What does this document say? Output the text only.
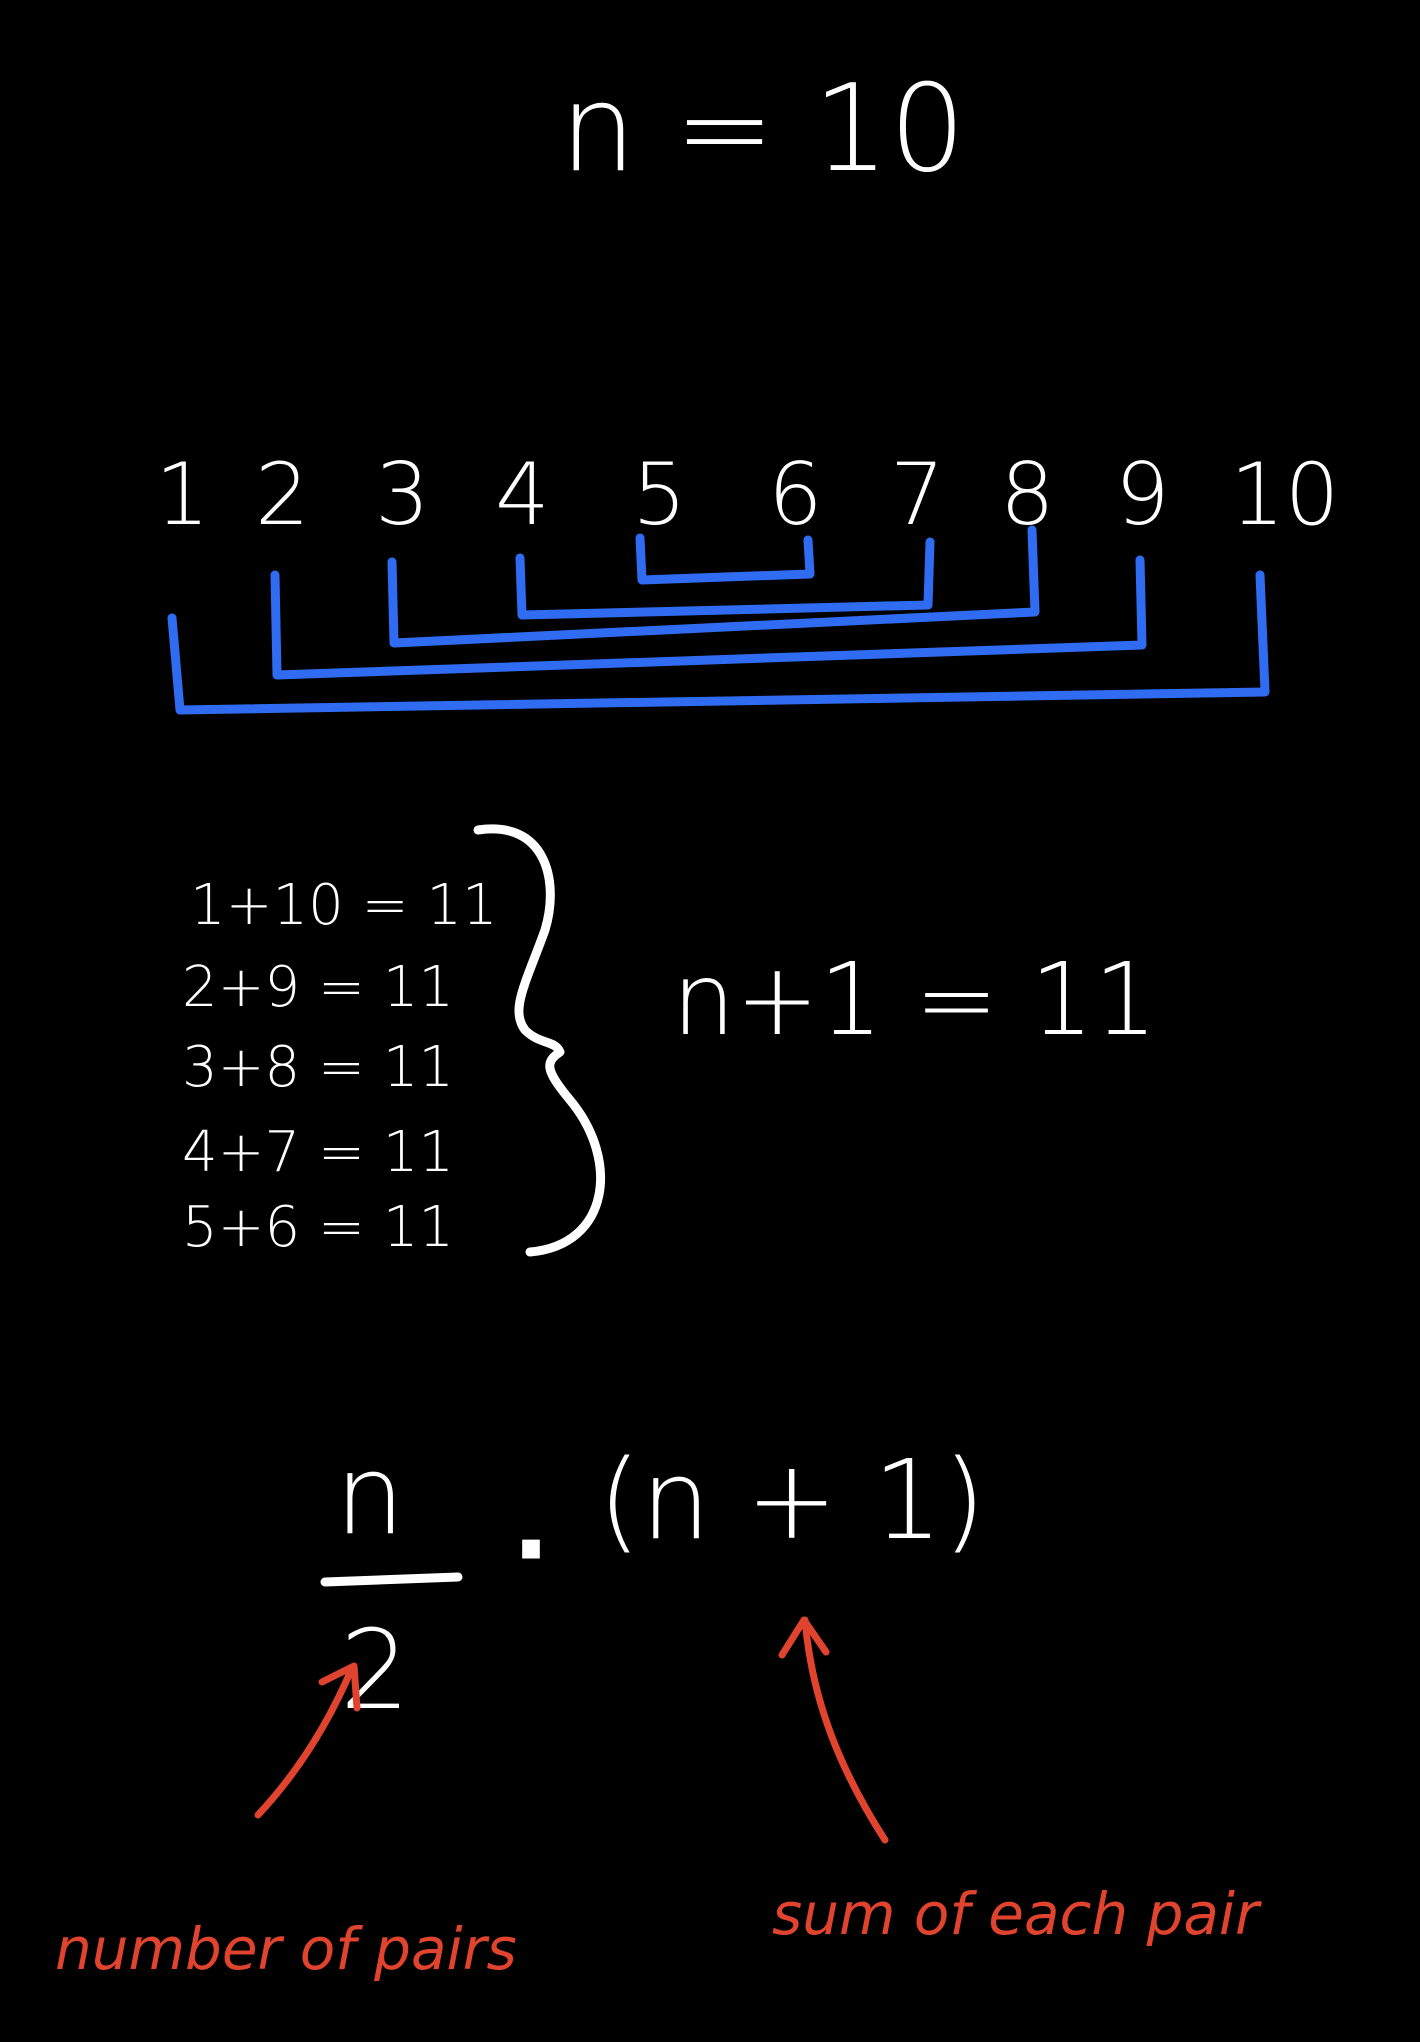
n = 10
1 2 3 4 5 6 7 8 9 10
1+10 = 11
2+9 = 11
3+8 = 11
4+7 = 11
5+6 = 11
n+1 = 11
n
2
· (n + 1)
number of pairs
sum of each pair
